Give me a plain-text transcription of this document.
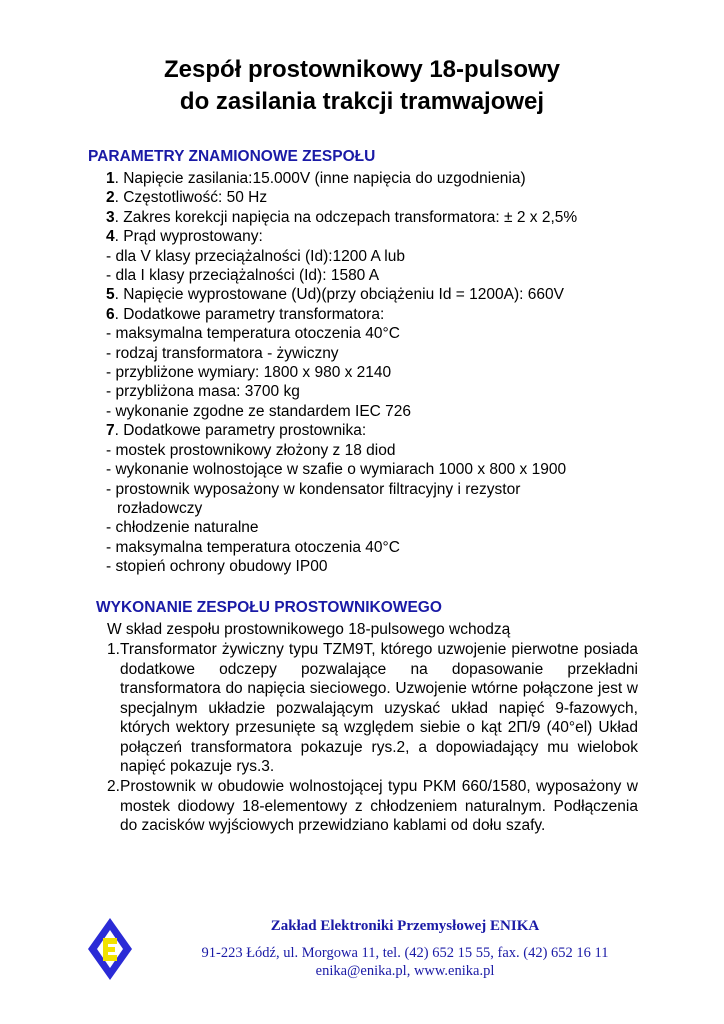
Zespół prostownikowy 18-pulsowy
do zasilania trakcji tramwajowej
PARAMETRY ZNAMIONOWE ZESPOŁU
1. Napięcie zasilania:15.000V (inne napięcia do uzgodnienia)
2. Częstotliwość: 50 Hz
3. Zakres korekcji napięcia na odczepach transformatora: ± 2 x 2,5%
4. Prąd wyprostowany:
- dla V klasy przeciążalności (Id):1200 A lub
- dla I klasy przeciążalności (Id): 1580 A
5. Napięcie wyprostowane (Ud)(przy obciążeniu Id = 1200A): 660V
6. Dodatkowe parametry transformatora:
- maksymalna temperatura otoczenia 40°C
- rodzaj transformatora - żywiczny
- przybliżone wymiary: 1800 x 980 x 2140
- przybliżona masa: 3700 kg
- wykonanie zgodne ze standardem IEC 726
7. Dodatkowe parametry prostownika:
- mostek prostownikowy złożony z 18 diod
- wykonanie wolnostojące w szafie o wymiarach 1000 x 800 x 1900
- prostownik wyposażony w kondensator filtracyjny i rezystor
rozładowczy
- chłodzenie naturalne
- maksymalna temperatura otoczenia 40°C
- stopień ochrony obudowy IP00
WYKONANIE ZESPOŁU PROSTOWNIKOWEGO
W skład zespołu prostownikowego 18-pulsowego wchodzą
1. Transformator żywiczny typu TZM9T, którego uzwojenie pierwotne posiada dodatkowe odczepy pozwalające na dopasowanie przekładni transformatora do napięcia sieciowego. Uzwojenie wtórne połączone jest w specjalnym układzie pozwalającym uzyskać układ napięć 9-fazowych, których wektory przesunięte są względem siebie o kąt 2Π/9 (40°el) Układ połączeń transformatora pokazuje rys.2, a dopowiadający mu wielobok napięć pokazuje rys.3.
2. Prostownik w obudowie wolnostojącej typu PKM 660/1580, wyposażony w mostek diodowy 18-elementowy z chłodzeniem naturalnym. Podłączenia do zacisków wyjściowych przewidziano kablami od dołu szafy.
Zakład Elektroniki Przemysłowej ENIKA
91-223 Łódź, ul. Morgowa 11, tel. (42) 652 15 55, fax. (42) 652 16 11
enika@enika.pl, www.enika.pl
